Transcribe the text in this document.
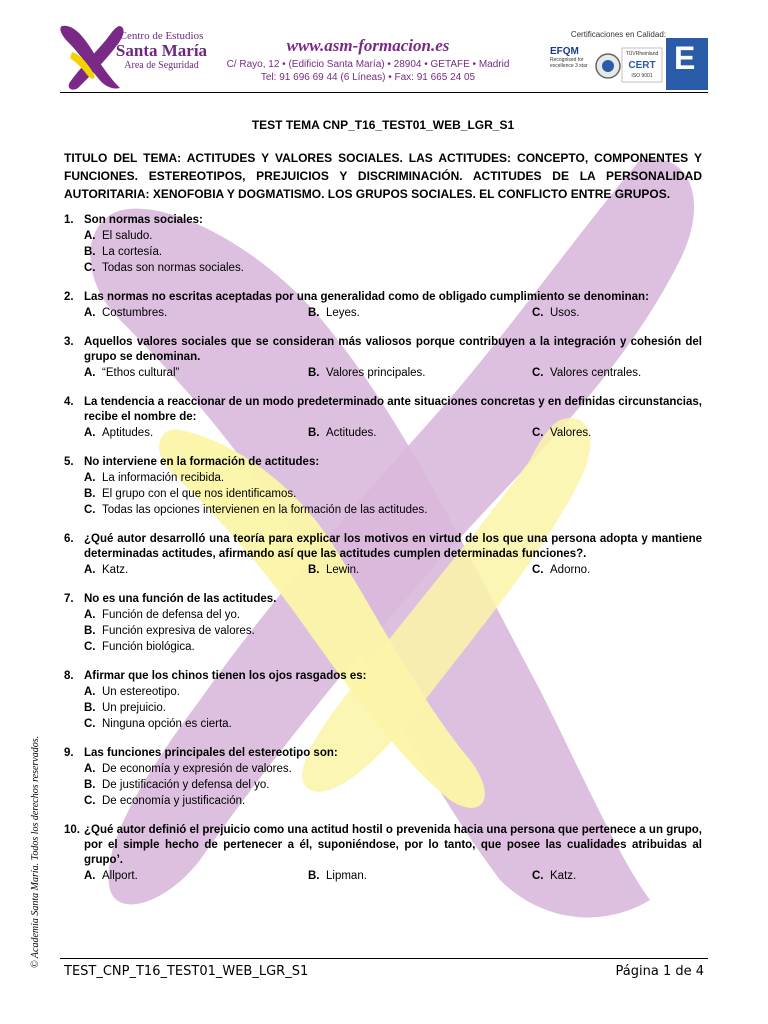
Centro de Estudios
Santa María
Area de Seguridad
www.asm-formacion.es
C/ Rayo, 12 • (Edificio Santa María) • 28904 • GETAFE • Madrid
Tel: 91 696 69 44 (6 Líneas) • Fax: 91 665 24 05
Certificaciones en Calidad:
EFQM
Recognised for excellence 3 star
TÜVRheinland
CERT
ISO 9001 E
TEST TEMA CNP_T16_TEST01_WEB_LGR_S1
TITULO DEL TEMA: ACTITUDES Y VALORES SOCIALES. LAS ACTITUDES: CONCEPTO, COMPONENTES Y FUNCIONES. ESTEREOTIPOS, PREJUICIOS Y DISCRIMINACIÓN. ACTITUDES DE LA PERSONALIDAD AUTORITARIA: XENOFOBIA Y DOGMATISMO. LOS GRUPOS SOCIALES. EL CONFLICTO ENTRE GRUPOS.
1. Son normas sociales:
A. El saludo.
B. La cortesía.
C. Todas son normas sociales.
2. Las normas no escritas aceptadas por una generalidad como de obligado cumplimiento se denominan:
A. Costumbres.	B. Leyes.	C. Usos.
3. Aquellos valores sociales que se consideran más valiosos porque contribuyen a la integración y cohesión del grupo se denominan.
A. “Ethos cultural”	B. Valores principales.	C. Valores centrales.
4. La tendencia a reaccionar de un modo predeterminado ante situaciones concretas y en definidas circunstancias, recibe el nombre de:
A. Aptitudes.	B. Actitudes.	C. Valores.
5. No interviene en la formación de actitudes:
A. La información recibida.
B. El grupo con el que nos identificamos.
C. Todas las opciones intervienen en la formación de las actitudes.
6. ¿Qué autor desarrolló una teoría para explicar los motivos en virtud de los que una persona adopta y mantiene determinadas actitudes, afirmando así que las actitudes cumplen determinadas funciones?.
A. Katz.	B. Lewin.	C. Adorno.
7. No es una función de las actitudes.
A. Función de defensa del yo.
B. Función expresiva de valores.
C. Función biológica.
8. Afirmar que los chinos tienen los ojos rasgados es:
A. Un estereotipo.
B. Un prejuicio.
C. Ninguna opción es cierta.
9. Las funciones principales del estereotipo son:
A. De economía y expresión de valores.
B. De justificación y defensa del yo.
C. De economía y justificación.
10. ¿Qué autor definió el prejuicio como una actitud hostil o prevenida hacia una persona que pertenece a un grupo, por el simple hecho de pertenecer a él, suponiéndose, por lo tanto, que posee las cualidades atribuidas al grupo’.
A. Allport.	B. Lipman.	C. Katz.
TEST_CNP_T16_TEST01_WEB_LGR_S1	Página 1 de 4
© Academia Santa María. Todos los derechos reservados.
